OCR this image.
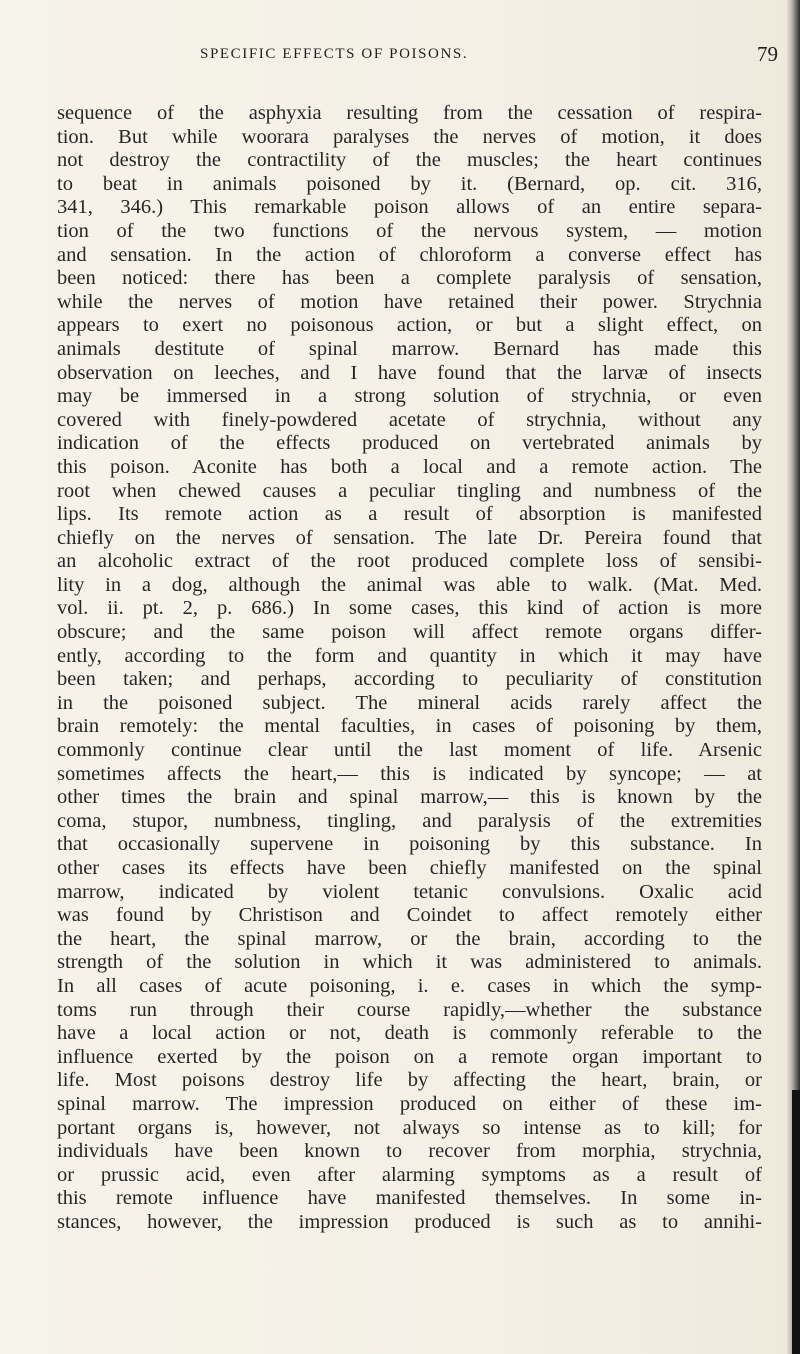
SPECIFIC EFFECTS OF POISONS.	79
sequence of the asphyxia resulting from the cessation of respira-
tion. But while woorara paralyses the nerves of motion, it does
not destroy the contractility of the muscles; the heart continues
to beat in animals poisoned by it. (Bernard, op. cit. 316,
341, 346.) This remarkable poison allows of an entire separa-
tion of the two functions of the nervous system, — motion
and sensation. In the action of chloroform a converse effect has
been noticed: there has been a complete paralysis of sensation,
while the nerves of motion have retained their power. Strychnia
appears to exert no poisonous action, or but a slight effect, on
animals destitute of spinal marrow. Bernard has made this
observation on leeches, and I have found that the larvæ of insects
may be immersed in a strong solution of strychnia, or even
covered with finely-powdered acetate of strychnia, without any
indication of the effects produced on vertebrated animals by
this poison. Aconite has both a local and a remote action. The
root when chewed causes a peculiar tingling and numbness of the
lips. Its remote action as a result of absorption is manifested
chiefly on the nerves of sensation. The late Dr. Pereira found that
an alcoholic extract of the root produced complete loss of sensibi-
lity in a dog, although the animal was able to walk. (Mat. Med.
vol. ii. pt. 2, p. 686.) In some cases, this kind of action is more
obscure; and the same poison will affect remote organs differ-
ently, according to the form and quantity in which it may have
been taken; and perhaps, according to peculiarity of constitution
in the poisoned subject. The mineral acids rarely affect the
brain remotely: the mental faculties, in cases of poisoning by them,
commonly continue clear until the last moment of life. Arsenic
sometimes affects the heart,— this is indicated by syncope; — at
other times the brain and spinal marrow,— this is known by the
coma, stupor, numbness, tingling, and paralysis of the extremities
that occasionally supervene in poisoning by this substance. In
other cases its effects have been chiefly manifested on the spinal
marrow, indicated by violent tetanic convulsions. Oxalic acid
was found by Christison and Coindet to affect remotely either
the heart, the spinal marrow, or the brain, according to the
strength of the solution in which it was administered to animals.
In all cases of acute poisoning, i. e. cases in which the symp-
toms run through their course rapidly,—whether the substance
have a local action or not, death is commonly referable to the
influence exerted by the poison on a remote organ important to
life. Most poisons destroy life by affecting the heart, brain, or
spinal marrow. The impression produced on either of these im-
portant organs is, however, not always so intense as to kill; for
individuals have been known to recover from morphia, strychnia,
or prussic acid, even after alarming symptoms as a result of
this remote influence have manifested themselves. In some in-
stances, however, the impression produced is such as to annihi-
